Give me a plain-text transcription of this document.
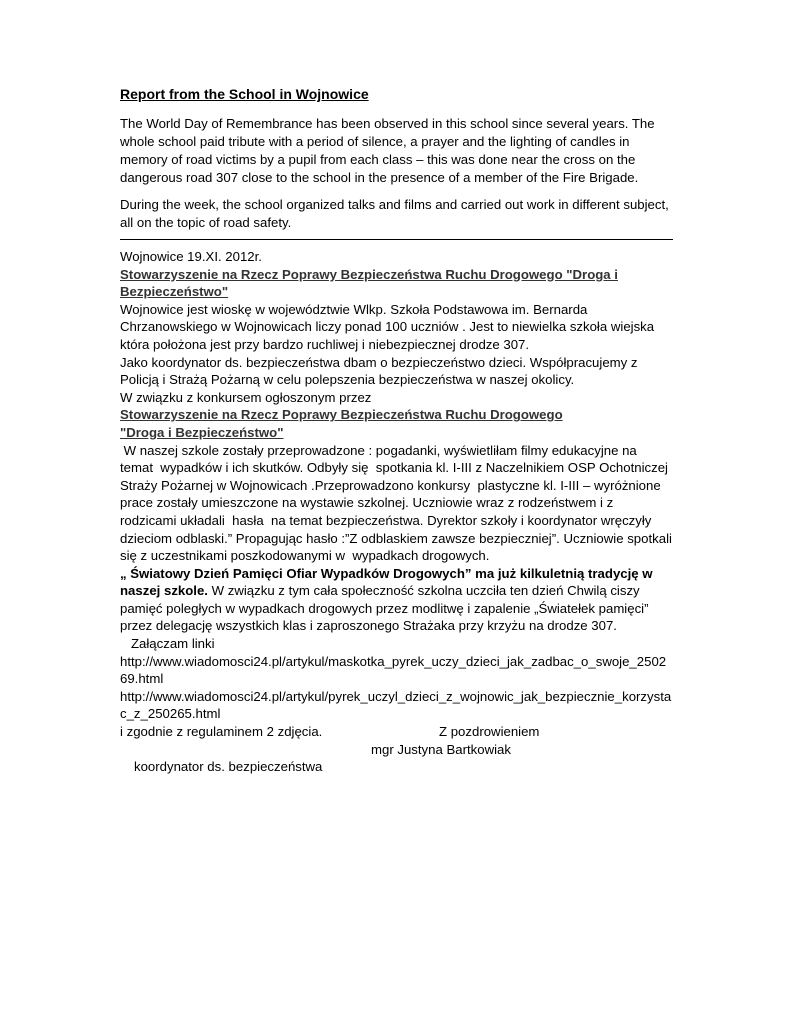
Report from the School in Wojnowice

The World Day of Remembrance has been observed in this school since several years. The whole school paid tribute with a period of silence, a prayer and the lighting of candles in memory of road victims by a pupil from each class – this was done near the cross on the dangerous road 307 close to the school in the presence of a member of the Fire Brigade.

During the week, the school organized talks and films and carried out work in different subject, all on the topic of road safety.

Wojnowice 19.XI. 2012r.

Stowarzyszenie na Rzecz Poprawy Bezpieczeństwa Ruchu Drogowego "Droga i Bezpieczeństwo"

Wojnowice jest wioskę w województwie Wlkp. Szkoła Podstawowa im. Bernarda Chrzanowskiego w Wojnowicach liczy ponad 100 uczniów . Jest to niewielka szkoła wiejska która położona jest przy bardzo ruchliwej i niebezpiecznej drodze 307.

Jako koordynator ds. bezpieczeństwa dbam o bezpieczeństwo dzieci. Współpracujemy z Policją i Strażą Pożarną w celu polepszenia bezpieczeństwa w naszej okolicy.

W związku z konkursem ogłoszonym przez

Stowarzyszenie na Rzecz Poprawy Bezpieczeństwa Ruchu Drogowego

"Droga i Bezpieczeństwo"

W naszej szkole zostały przeprowadzone : pogadanki, wyświetliłam filmy edukacyjne na temat  wypadków i ich skutków. Odbyły się  spotkania kl. I-III z Naczelnikiem OSP Ochotniczej Straży Pożarnej w Wojnowicach .Przeprowadzono konkursy  plastyczne kl. I-III – wyróżnione prace zostały umieszczone na wystawie szkolnej. Uczniowie wraz z rodzeństwem i z rodzicami układali  hasła  na temat bezpieczeństwa. Dyrektor szkoły i koordynator wręczyły dzieciom odblaski.” Propagując hasło :”Z odblaskiem zawsze bezpieczniej”. Uczniowie spotkali się z uczestnikami poszkodowanymi w  wypadkach drogowych.

„ Światowy Dzień Pamięci Ofiar Wypadków Drogowych” ma już kilkuletnią tradycję w naszej szkole. W związku z tym cała społeczność szkolna uczciła ten dzień Chwilą ciszy pamięć poległych w wypadkach drogowych przez modlitwę i zapalenie „Światełek pamięci” przez delegację wszystkich klas i zaproszonego Strażaka przy krzyżu na drodze 307.

Załączam linki

http://www.wiadomosci24.pl/artykul/maskotka_pyrek_uczy_dzieci_jak_zadbac_o_swoje_250269.html

http://www.wiadomosci24.pl/artykul/pyrek_uczyl_dzieci_z_wojnowic_jak_bezpiecznie_korzystac_z_250265.html

i zgodnie z regulaminem 2 zdjęcia.	Z pozdrowieniem
mgr Justyna Bartkowiak
koordynator ds. bezpieczeństwa
